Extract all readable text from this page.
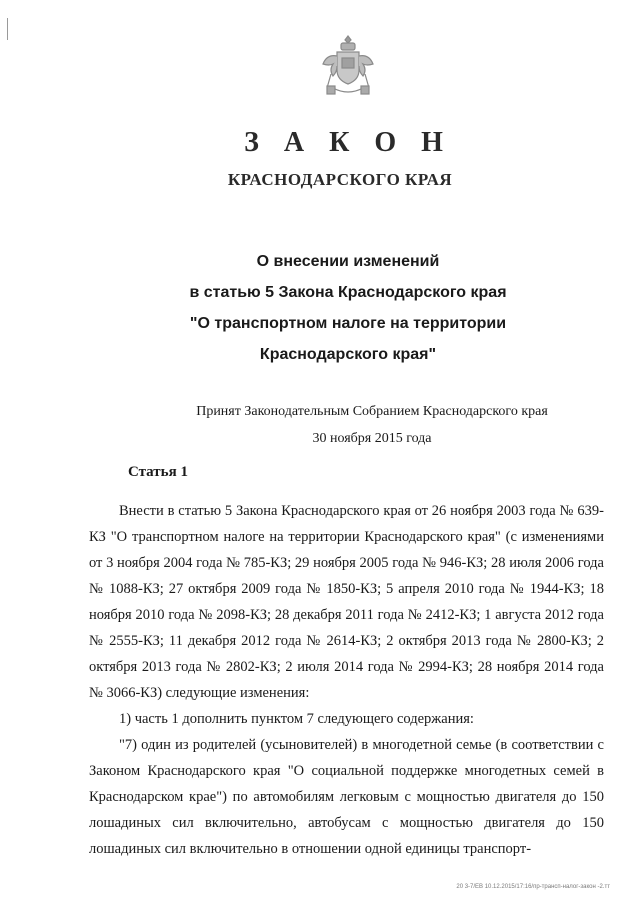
З А К О Н
КРАСНОДАРСКОГО КРАЯ
О внесении изменений
в статью 5 Закона Краснодарского края
"О транспортном налоге на территории
Краснодарского края"
Принят Законодательным Собранием Краснодарского края
30 ноября 2015 года
Статья 1

Внести в статью 5 Закона Краснодарского края от 26 ноября 2003 года № 639-КЗ "О транспортном налоге на территории Краснодарского края" (с изменениями от 3 ноября 2004 года № 785-КЗ; 29 ноября 2005 года № 946-КЗ; 28 июля 2006 года № 1088-КЗ; 27 октября 2009 года № 1850-КЗ; 5 апреля 2010 года № 1944-КЗ; 18 ноября 2010 года № 2098-КЗ; 28 декабря 2011 года № 2412-КЗ; 1 августа 2012 года № 2555-КЗ; 11 декабря 2012 года № 2614-КЗ; 2 октября 2013 года № 2800-КЗ; 2 октября 2013 года № 2802-КЗ; 2 июля 2014 года № 2994-КЗ; 28 ноября 2014 года № 3066-КЗ) следующие изменения:

1) часть 1 дополнить пунктом 7 следующего содержания:

"7) один из родителей (усыновителей) в многодетной семье (в соответствии с Законом Краснодарского края "О социальной поддержке многодетных семей в Краснодарском крае") по автомобилям легковым с мощностью двигателя до 150 лошадиных сил включительно, автобусам с мощностью двигателя до 150 лошадиных сил включительно в отношении одной единицы транспорт-

20 3-7/ЕВ 10.12.2015/17:16/пр-трансп-налог-закон -2.тт
